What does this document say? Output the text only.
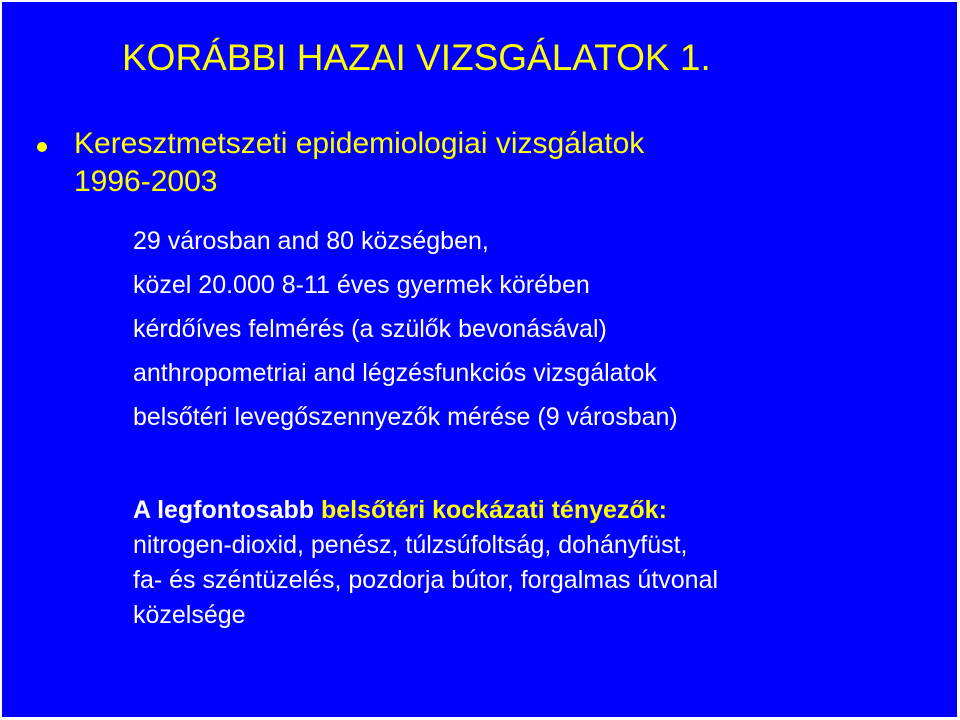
KORÁBBI HAZAI VIZSGÁLATOK 1.
Keresztmetszeti epidemiologiai vizsgálatok
1996-2003
29 városban and 80 községben,
közel 20.000 8-11 éves gyermek körében
kérdőíves felmérés (a szülők bevonásával)
anthropometriai and légzésfunkciós vizsgálatok
belsőtéri levegőszennyezők mérése (9 városban)
A legfontosabb belsőtéri kockázati tényezők:
nitrogen-dioxid, penész, túlzsúfoltság, dohányfüst,
fa- és széntüzelés, pozdorja bútor, forgalmas útvonal
közelsége
